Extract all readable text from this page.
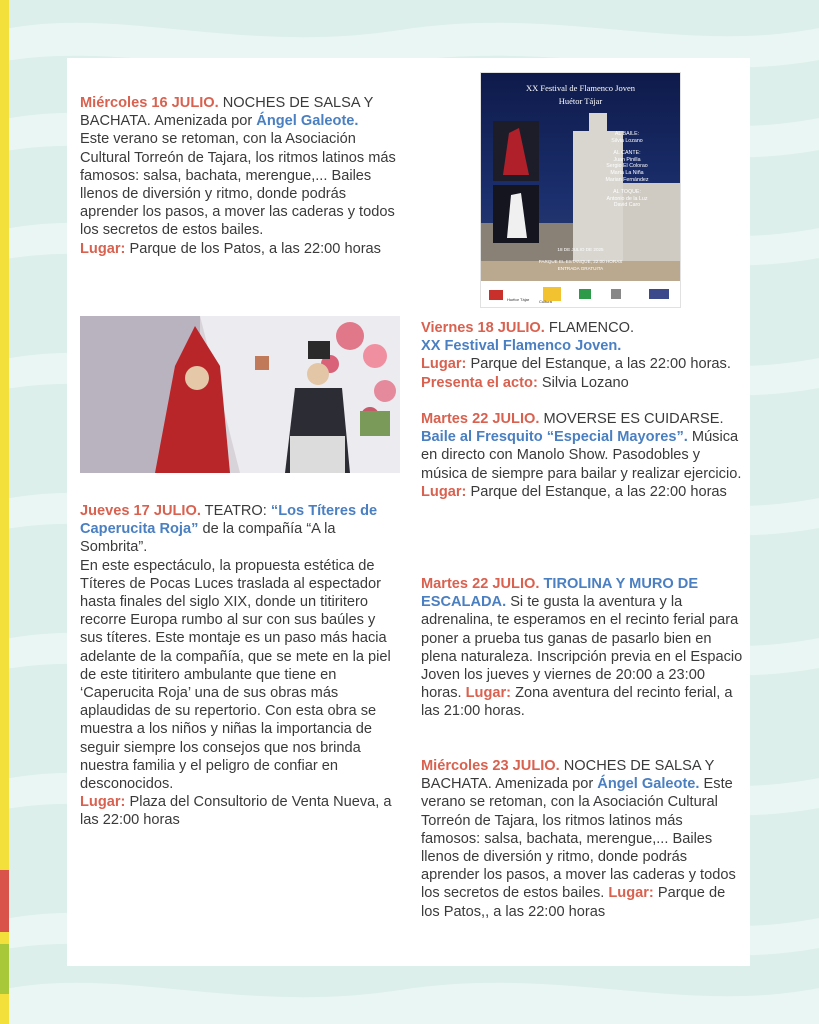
Miércoles 16 JULIO. NOCHES DE SALSA Y BACHATA. Amenizada por Ángel Galeote.

Este verano se retoman, con la Asociación Cultural Torreón de Tajara, los ritmos latinos más famosos: salsa, bachata, merengue,... Bailes llenos de diversión y ritmo, donde podrás aprender los pasos, a mover las caderas y todos los secretos de estos bailes.

Lugar: Parque de los Patos, a las 22:00 horas

Jueves 17 JULIO. TEATRO: “Los Títeres de Caperucita Roja” de la compañía “A la Sombrita”.

En este espectáculo, la propuesta estética de Títeres de Pocas Luces traslada al espectador hasta finales del siglo XIX, donde un titiritero recorre Europa rumbo al sur con sus baúles y sus títeres. Este montaje es un paso más hacia adelante de la compañía, que se mete en la piel de este titiritero ambulante que tiene en ‘Caperucita Roja’ una de sus obras más aplaudidas de su repertorio. Con esta obra se muestra a los niños y niñas la importancia de seguir siempre los consejos que nos brinda nuestra familia y el peligro de confiar en desconocidos.

Lugar: Plaza del Consultorio de Venta Nueva, a las 22:00 horas

XX Festival de Flamenco Joven
Huétor Tájar
AL BAILE:
Silvia Lozano
AL CANTE:
Juan Pinilla
Sergio El Colorao
Marta La Niña
Marian Fernández
AL TOQUE:
Antonio de la Luz
David Caro
18 DE JULIO DE 2025
PARQUE EL ESTANQUE, 22:00 HORAS
ENTRADA GRATUITA
Huétor Tájar Cultura

Viernes 18 JULIO. FLAMENCO.

XX Festival Flamenco Joven.

Lugar: Parque del Estanque, a las 22:00 horas. Presenta el acto: Silvia Lozano

Martes 22 JULIO. MOVERSE ES CUIDARSE. Baile al Fresquito “Especial Mayores”. Música en directo con Manolo Show. Pasodobles y música de siempre para bailar y realizar ejercicio.

Lugar: Parque del Estanque, a las 22:00 horas

Martes 22 JULIO. TIROLINA Y MURO DE ESCALADA. Si te gusta la aventura y la adrenalina, te esperamos en el recinto ferial para poner a prueba tus ganas de pasarlo bien en plena naturaleza. Inscripción previa en el Espacio Joven los jueves y viernes de 20:00 a 23:00 horas. Lugar: Zona aventura del recinto ferial, a las 21:00 horas.

Miércoles 23 JULIO. NOCHES DE SALSA Y BACHATA. Amenizada por Ángel Galeote. Este verano se retoman, con la Asociación Cultural Torreón de Tajara, los ritmos latinos más famosos: salsa, bachata, merengue,... Bailes llenos de diversión y ritmo, donde podrás aprender los pasos, a mover las caderas y todos los secretos de estos bailes. Lugar: Parque de los Patos,, a las 22:00 horas
